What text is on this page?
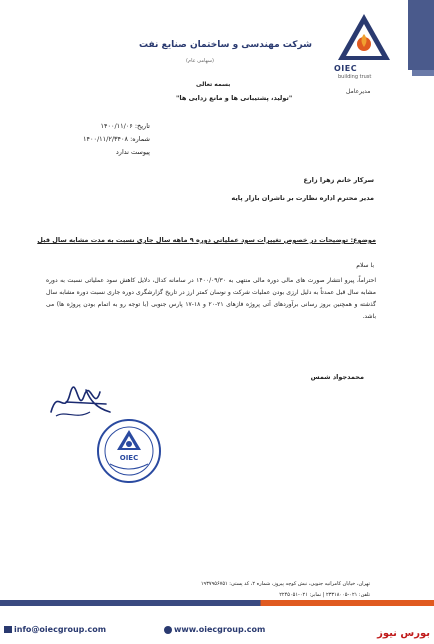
OIEC
building trust
مدیرعامل
شرکت مهندسی و ساختمان صنایع نفت
(سهامی عام)
بسمه تعالی
"تولید، پشتیبانی ها و مانع زدایی ها"
تاریخ: ۱۴۰۰/۱۱/۰۶
شماره: ۱۴۰۰/۱۱/۲/۳۴۰۸
پیوست ندارد
سرکار خانم زهرا زارع
مدیر محترم اداره نظارت بر ناشران بازار پایه
موضوع: توضیحات در خصوص تغییرات سود عملیاتی دوره ۹ ماهه سال جاری نسبت به مدت مشابه سال قبل
با سلام
احتراماً، پیرو انتشار صورت های مالی دوره مالی منتهی به ۱۴۰۰/۰۹/۳۰ در سامانه کدال، دلایل کاهش سود عملیاتی نسبت به دوره مشابه سال قبل عمدتاً به دلیل ارزی بودن عملیات شرکت و نوسان کمتر ارز در تاریخ گزارشگری دوره جاری نسبت دوره مشابه سال گذشته و همچنین بروز رسانی برآوردهای آتی پروژه فازهای ۲۱-۲۰ و ۱۸-۱۷ پارس جنوبی (با توجه رو به اتمام بودن پروژه ها) می باشد.
محمدجواد شمس
OIEC
تهران، خیابان کامرانیه جنوبی، نبش کوچه پیروز، شماره ۲، کد پستی: ۱۹۳۷۹۵۶۷۵۱
تلفن: ۰۲۱-۲۳۳۱۸۰۰۵ | نمابر: ۰۲۱-۲۲۴۵۰۵۱
info@oiecgroup.com	www.oiecgroup.com	بورس نیوز
